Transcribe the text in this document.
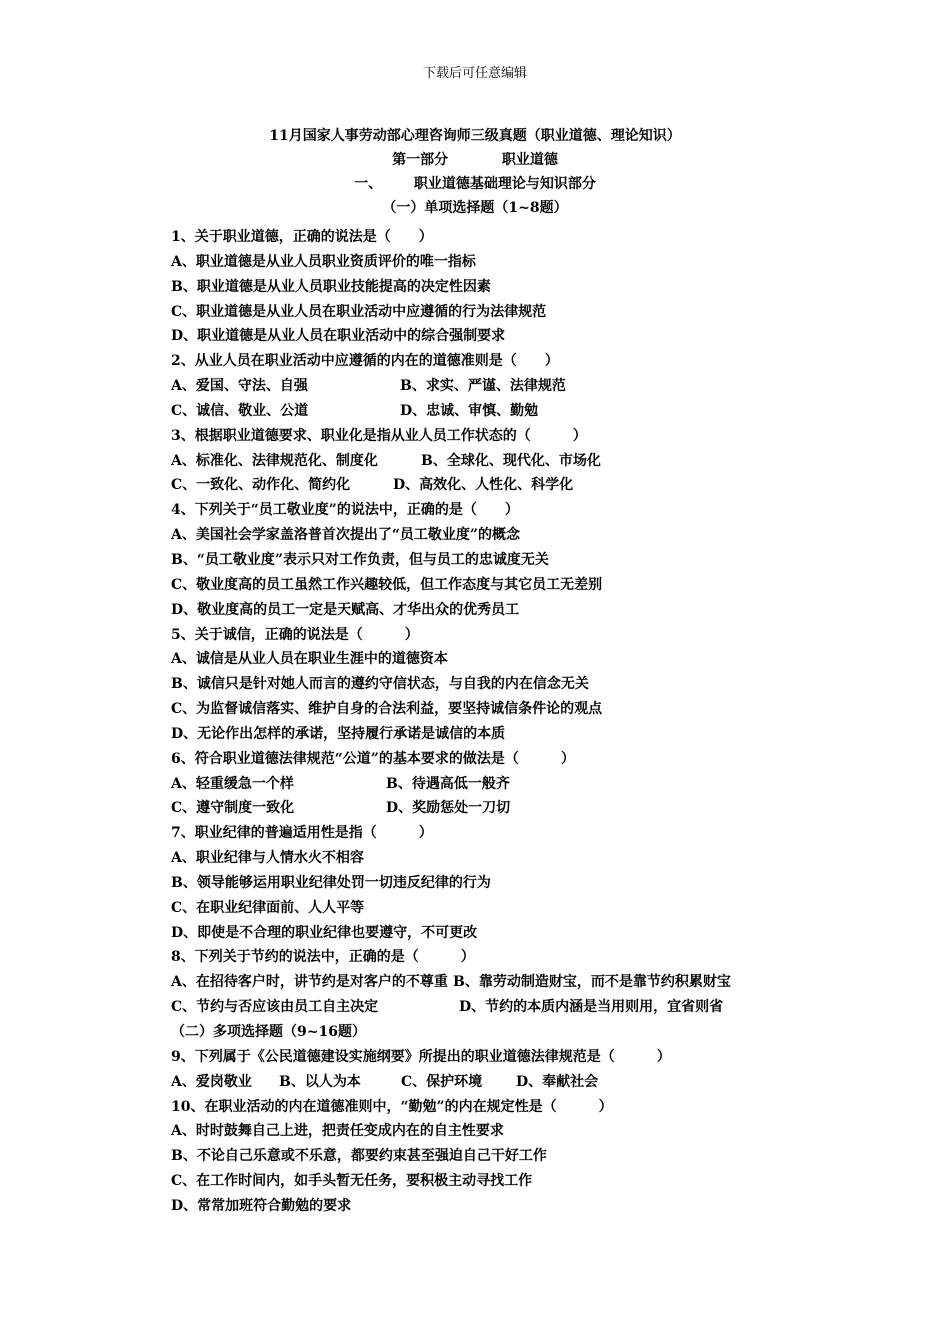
下载后可任意编辑
11月国家人事劳动部心理咨询师三级真题（职业道德、理论知识）
第一部分	职业道德
一、 职业道德基础理论与知识部分
（一）单项选择题（1~8题）
1、关于职业道德，正确的说法是（　　）
A、职业道德是从业人员职业资质评价的唯一指标
B、职业道德是从业人员职业技能提高的决定性因素
C、职业道德是从业人员在职业活动中应遵循的行为法律规范
D、职业道德是从业人员在职业活动中的综合强制要求
2、从业人员在职业活动中应遵循的内在的道德准则是（　　）
A、爱国、守法、自强	B、求实、严谨、法律规范
C、诚信、敬业、公道	D、忠诚、审慎、勤勉
3、根据职业道德要求、职业化是指从业人员工作状态的（　　　）
A、标准化、法律规范化、制度化	B、全球化、现代化、市场化
C、一致化、动作化、简约化	D、高效化、人性化、科学化
4、下列关于“员工敬业度”的说法中，正确的是（　　）
A、美国社会学家盖洛普首次提出了“员工敬业度”的概念
B、“员工敬业度”表示只对工作负责，但与员工的忠诚度无关
C、敬业度高的员工虽然工作兴趣较低，但工作态度与其它员工无差别
D、敬业度高的员工一定是天赋高、才华出众的优秀员工
5、关于诚信，正确的说法是（　　　）
A、诚信是从业人员在职业生涯中的道德资本
B、诚信只是针对她人而言的遵约守信状态，与自我的内在信念无关
C、为监督诚信落实、维护自身的合法利益，要坚持诚信条件论的观点
D、无论作出怎样的承诺，坚持履行承诺是诚信的本质
6、符合职业道德法律规范“公道”的基本要求的做法是（　　　）
A、轻重缓急一个样	B、待遇高低一般齐
C、遵守制度一致化	D、奖励惩处一刀切
7、职业纪律的普遍适用性是指（　　　）
A、职业纪律与人情水火不相容
B、领导能够运用职业纪律处罚一切违反纪律的行为
C、在职业纪律面前、人人平等
D、即使是不合理的职业纪律也要遵守，不可更改
8、下列关于节约的说法中，正确的是（　　　）
A、在招待客户时，讲节约是对客户的不尊重 B、靠劳动制造财宝，而不是靠节约积累财宝
C、节约与否应该由员工自主决定	D、节约的本质内涵是当用则用，宜省则省
（二）多项选择题（9~16题）
9、下列属于《公民道德建设实施纲要》所提出的职业道德法律规范是（　　　）
A、爱岗敬业 B、以人为本	C、保护环境 D、奉献社会
10、在职业活动的内在道德准则中，“勤勉”的内在规定性是（　　　）
A、时时鼓舞自己上进，把责任变成内在的自主性要求
B、不论自己乐意或不乐意，都要约束甚至强迫自己干好工作
C、在工作时间内，如手头暂无任务，要积极主动寻找工作
D、常常加班符合勤勉的要求
